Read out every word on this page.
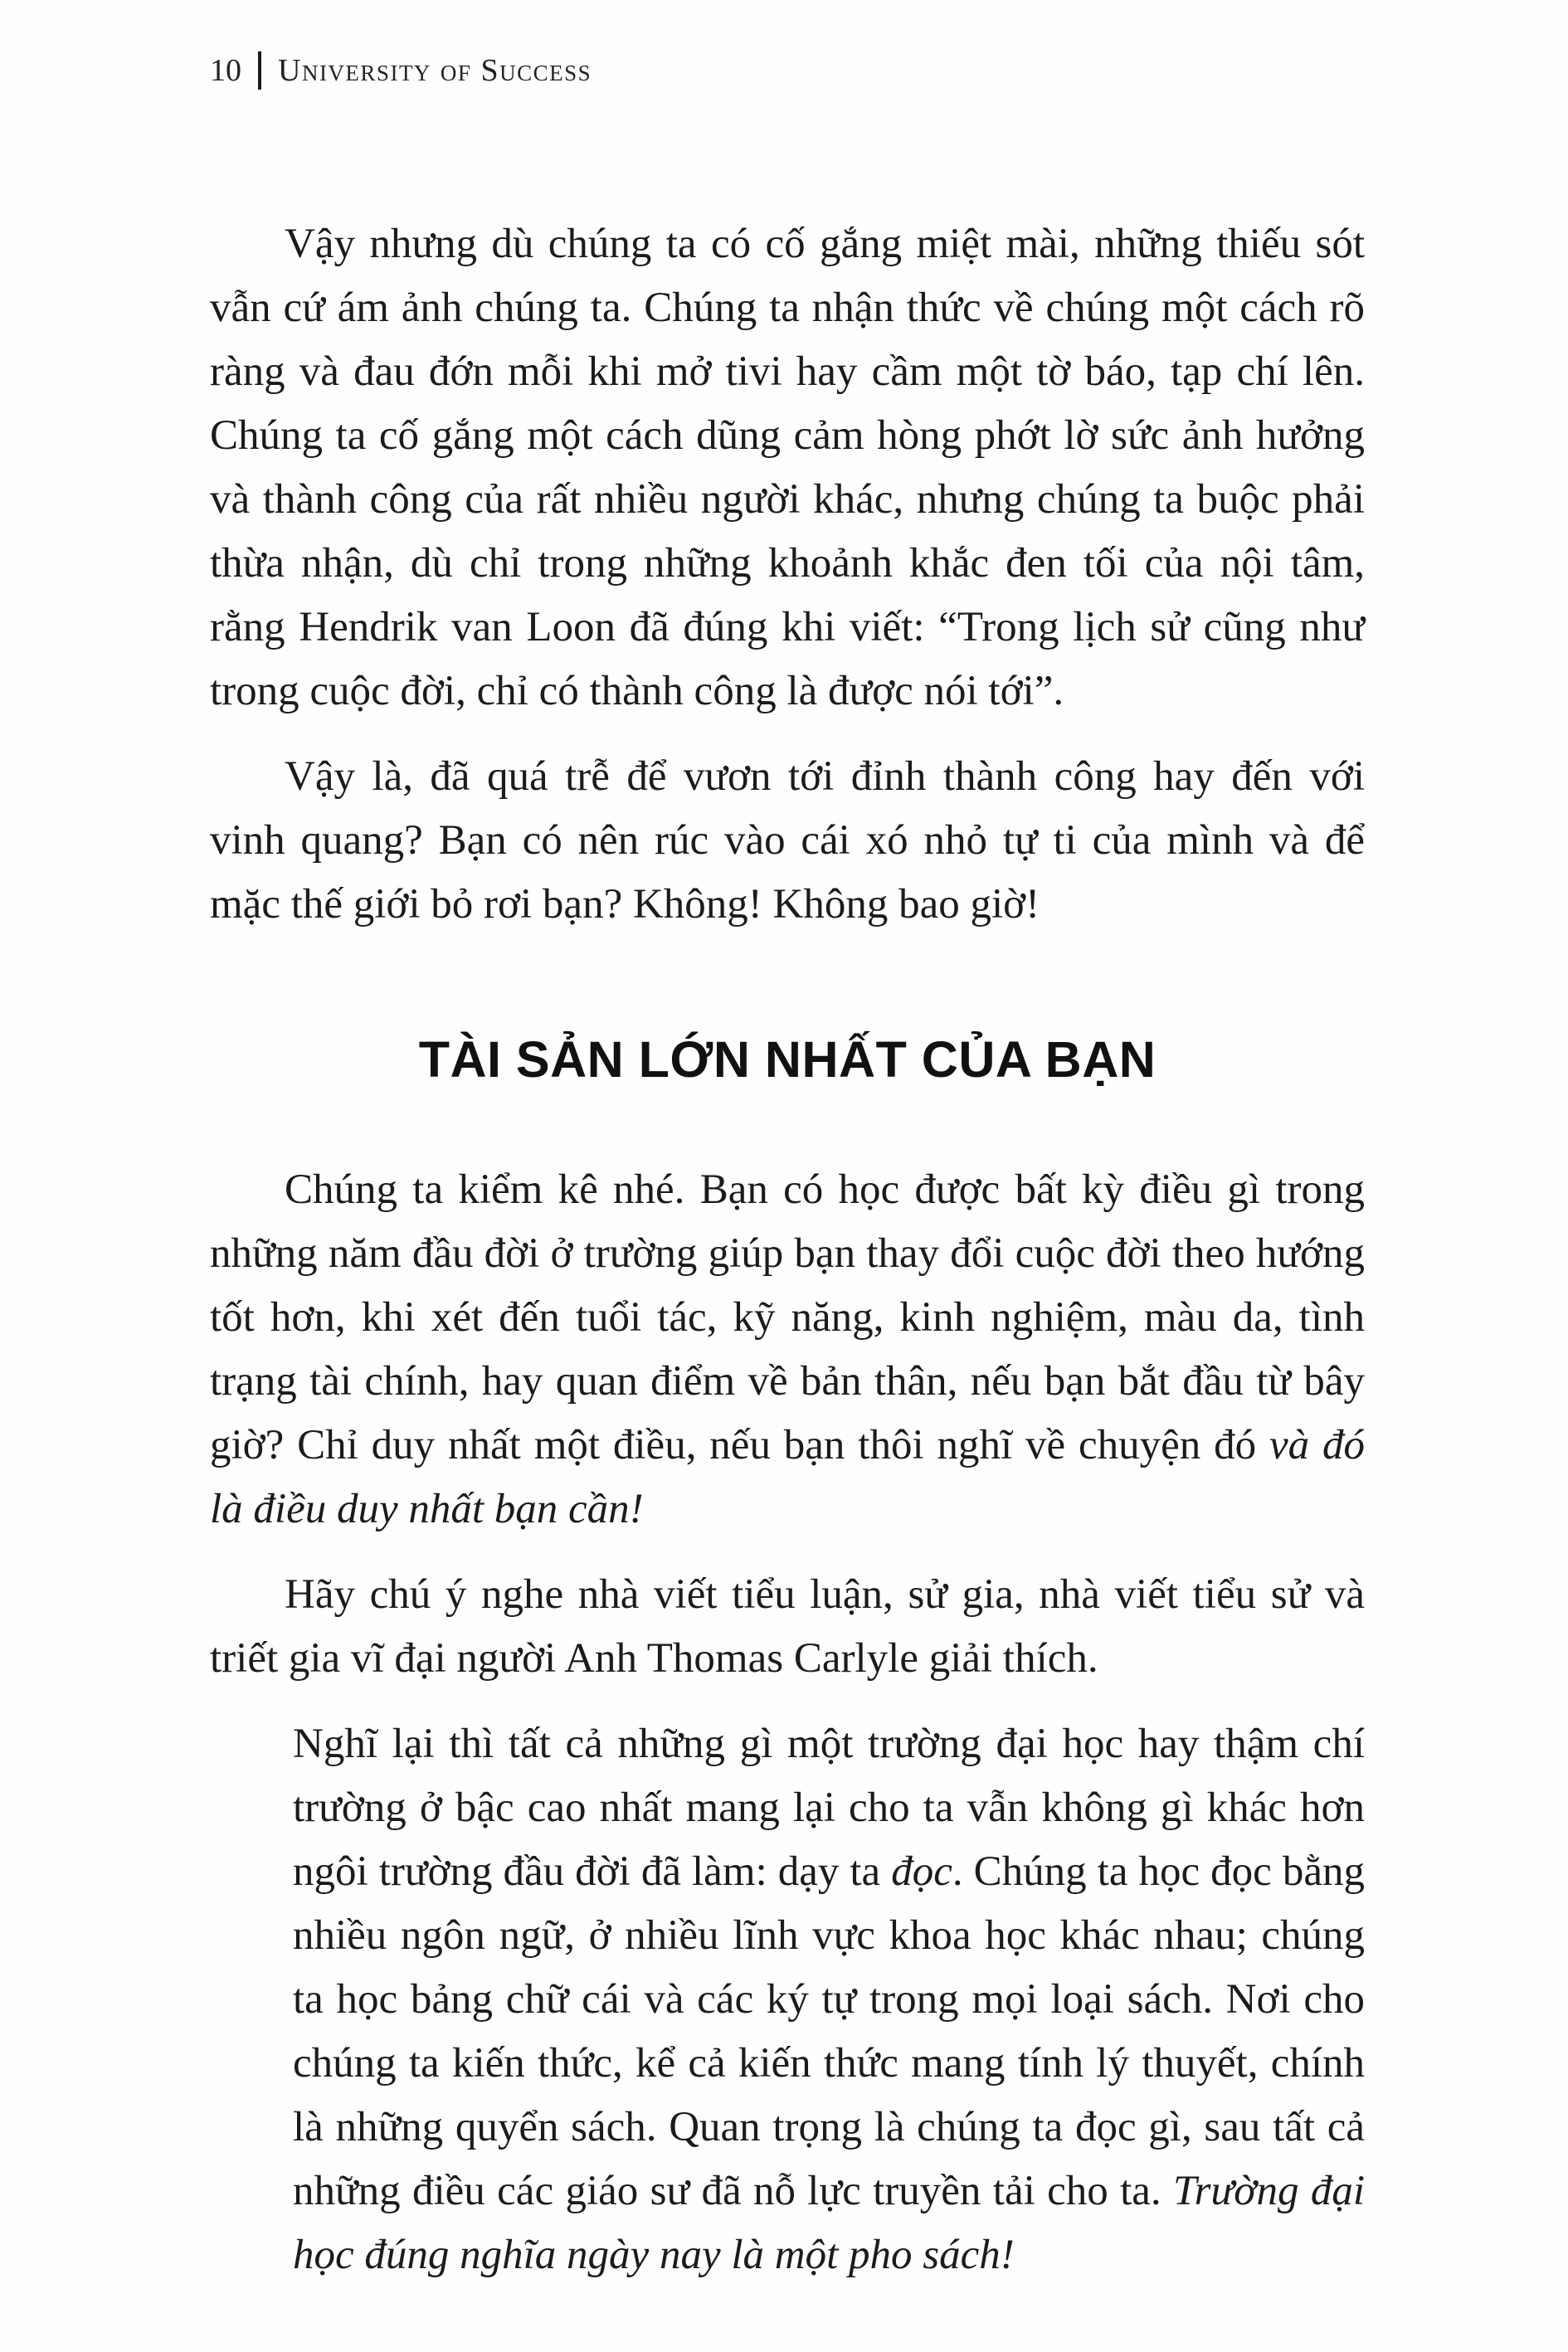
10 University of Success

Vậy nhưng dù chúng ta có cố gắng miệt mài, những thiếu sót vẫn cứ ám ảnh chúng ta. Chúng ta nhận thức về chúng một cách rõ ràng và đau đớn mỗi khi mở tivi hay cầm một tờ báo, tạp chí lên. Chúng ta cố gắng một cách dũng cảm hòng phớt lờ sức ảnh hưởng và thành công của rất nhiều người khác, nhưng chúng ta buộc phải thừa nhận, dù chỉ trong những khoảnh khắc đen tối của nội tâm, rằng Hendrik van Loon đã đúng khi viết: “Trong lịch sử cũng như trong cuộc đời, chỉ có thành công là được nói tới”.

Vậy là, đã quá trễ để vươn tới đỉnh thành công hay đến với vinh quang? Bạn có nên rúc vào cái xó nhỏ tự ti của mình và để mặc thế giới bỏ rơi bạn? Không! Không bao giờ!

TÀI SẢN LỚN NHẤT CỦA BẠN

Chúng ta kiểm kê nhé. Bạn có học được bất kỳ điều gì trong những năm đầu đời ở trường giúp bạn thay đổi cuộc đời theo hướng tốt hơn, khi xét đến tuổi tác, kỹ năng, kinh nghiệm, màu da, tình trạng tài chính, hay quan điểm về bản thân, nếu bạn bắt đầu từ bây giờ? Chỉ duy nhất một điều, nếu bạn thôi nghĩ về chuyện đó và đó là điều duy nhất bạn cần!

Hãy chú ý nghe nhà viết tiểu luận, sử gia, nhà viết tiểu sử và triết gia vĩ đại người Anh Thomas Carlyle giải thích.

Nghĩ lại thì tất cả những gì một trường đại học hay thậm chí trường ở bậc cao nhất mang lại cho ta vẫn không gì khác hơn ngôi trường đầu đời đã làm: dạy ta đọc. Chúng ta học đọc bằng nhiều ngôn ngữ, ở nhiều lĩnh vực khoa học khác nhau; chúng ta học bảng chữ cái và các ký tự trong mọi loại sách. Nơi cho chúng ta kiến thức, kể cả kiến thức mang tính lý thuyết, chính là những quyển sách. Quan trọng là chúng ta đọc gì, sau tất cả những điều các giáo sư đã nỗ lực truyền tải cho ta. Trường đại học đúng nghĩa ngày nay là một pho sách!
